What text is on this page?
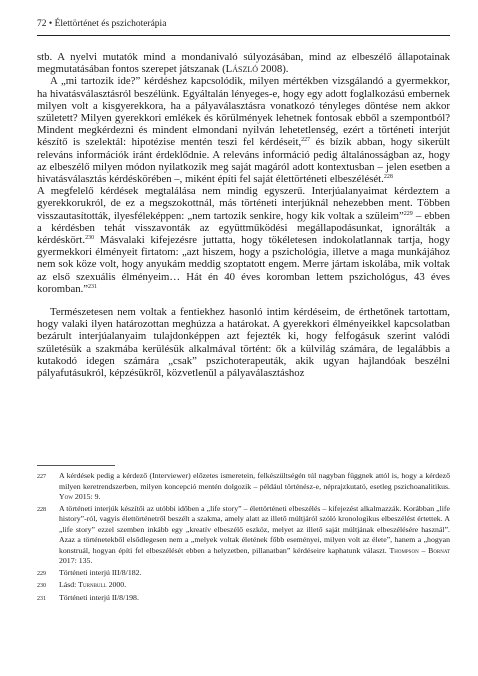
72 • Élettörténet és pszichoterápia

stb. A nyelvi mutatók mind a mondanivaló súlyozásában, mind az elbeszélő állapotainak megmutatásában fontos szerepet játszanak (László 2008).

A „mi tartozik ide?” kérdéshez kapcsolódik, milyen mértékben vizsgálandó a gyermekkor, ha hivatásválasztásról beszélünk. Egyáltalán lényeges-e, hogy egy adott foglalkozású embernek milyen volt a kisgyerekkora, ha a pályaválasztásra vonatkozó tényleges döntése nem akkor született? Milyen gyerekkori emlékek és körülmények lehetnek fontosak ebből a szempontból? Mindent megkérdezni és mindent elmondani nyilván lehetetlenség, ezért a történeti interjút készítő is szelektál: hipotézise mentén teszi fel kérdéseit,$^{227}$ és bízik abban, hogy sikerült releváns információk iránt érdeklődnie. A releváns információ pedig általánosságban az, hogy az elbeszélő milyen módon nyilatkozik meg saját magáról adott kontextusban – jelen esetben a hivatásválasztás kérdéskörében –, miként építi fel saját élettörténeti elbeszélését.$^{228}$

A megfelelő kérdések megtalálása nem mindig egyszerű. Interjúalanyaimat kérdeztem a gyerekkorukról, de ez a megszokottnál, más történeti interjúknál nehezebben ment. Többen visszautasították, ilyesféleképpen: „nem tartozik senkire, hogy kik voltak a szüleim”$^{229}$ – ebben a kérdésben tehát visszavonták az együttműködési megállapodásunkat, ignorálták a kérdéskört.$^{230}$ Másvalaki kifejezésre juttatta, hogy tökéletesen indokolatlannak tartja, hogy gyermekkori élményeit firtatom: „azt hiszem, hogy a pszichológia, illetve a maga munkájához nem sok köze volt, hogy anyukám meddig szoptatott engem. Merre jártam iskolába, mik voltak az első szexuális élményeim… Hát én 40 éves koromban lettem pszichológus, 43 éves koromban.”$^{231}$

Természetesen nem voltak a fentiekhez hasonló intim kérdéseim, de érthetőnek tartottam, hogy valaki ilyen határozottan meghúzza a határokat. A gyerekkori élményeikkel kapcsolatban bezárult interjúalanyaim tulajdonképpen azt fejezték ki, hogy felfogásuk szerint valódi születésük a szakmába kerülésük alkalmával történt: ők a külvilág számára, de legalábbis a kutakodó idegen számára „csak” pszichoterapeuták, akik ugyan hajlandóak beszélni pályafutásukról, képzésükről, közvetlenül a pályaválasztáshoz

227	A kérdések pedig a kérdező (Interviewer) előzetes ismeretein, felkészültségén túl nagyban függnek attól is, hogy a kérdező milyen keretrendszerben, milyen koncepció mentén dolgozik – például történész-e, néprajzkutató, esetleg pszichoanalitikus. Yow 2015: 9.
228	A történeti interjúk készítői az utóbbi időben a „life story” – élettörténeti elbeszélés – kifejezést alkalmazzák. Korábban „life history”-ról, vagyis élettörténetről beszélt a szakma, amely alatt az illető múltjáról szóló kronologikus elbeszélést értettek. A „life story” ezzel szemben inkább egy „kreatív elbeszélő eszköz, melyet az illető saját múltjának elbeszélésére használ”. Azaz a történetekből elsődlegesen nem a „melyek voltak életének főbb eseményei, milyen volt az élete”, hanem a „hogyan konstruál, hogyan építi fel elbeszélését ebben a helyzetben, pillanatban” kérdéseire kaphatunk választ. Thompson – Bornat 2017: 135.
229	Történeti interjú III/8/182.
230	Lásd: Turnbull 2000.
231	Történeti interjú II/8/198.
